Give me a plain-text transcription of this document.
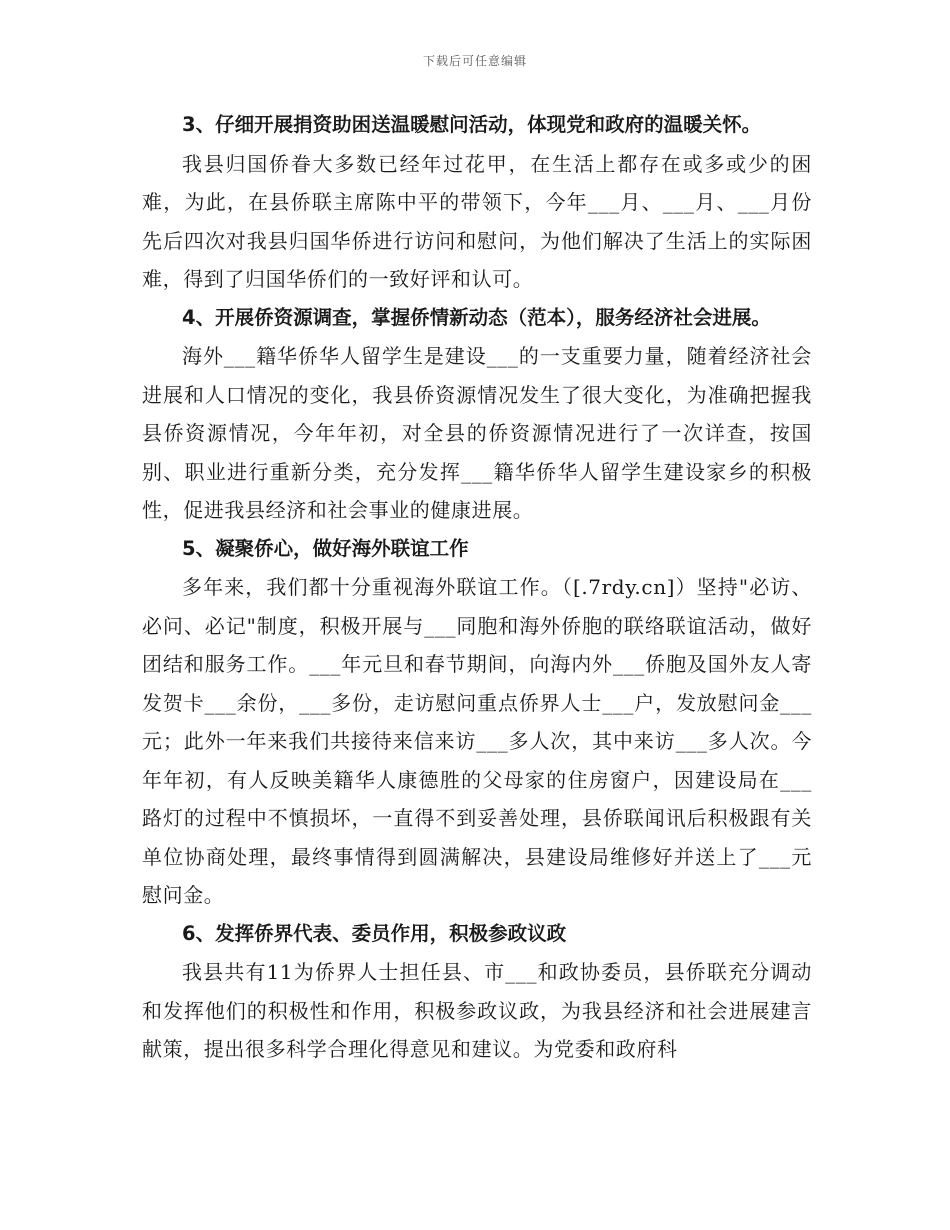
下载后可任意编辑

3、仔细开展捐资助困送温暖慰问活动，体现党和政府的温暖关怀。

我县归国侨眷大多数已经年过花甲，在生活上都存在或多或少的困难，为此，在县侨联主席陈中平的带领下，今年___月、___月、___月份先后四次对我县归国华侨进行访问和慰问，为他们解决了生活上的实际困难，得到了归国华侨们的一致好评和认可。

4、开展侨资源调查，掌握侨情新动态（范本），服务经济社会进展。

海外___籍华侨华人留学生是建设___的一支重要力量，随着经济社会进展和人口情况的变化，我县侨资源情况发生了很大变化，为准确把握我县侨资源情况，今年年初，对全县的侨资源情况进行了一次详查，按国别、职业进行重新分类，充分发挥___籍华侨华人留学生建设家乡的积极性，促进我县经济和社会事业的健康进展。

5、凝聚侨心，做好海外联谊工作

多年来，我们都十分重视海外联谊工作。（[.7rdy.cn]）坚持"必访、必问、必记"制度，积极开展与___同胞和海外侨胞的联络联谊活动，做好团结和服务工作。___年元旦和春节期间，向海内外___侨胞及国外友人寄发贺卡___余份，___多份，走访慰问重点侨界人士___户，发放慰问金___元；此外一年来我们共接待来信来访___多人次，其中来访___多人次。今年年初，有人反映美籍华人康德胜的父母家的住房窗户，因建设局在___路灯的过程中不慎损坏，一直得不到妥善处理，县侨联闻讯后积极跟有关单位协商处理，最终事情得到圆满解决，县建设局维修好并送上了___元慰问金。

6、发挥侨界代表、委员作用，积极参政议政

我县共有11为侨界人士担任县、市___和政协委员，县侨联充分调动和发挥他们的积极性和作用，积极参政议政，为我县经济和社会进展建言献策，提出很多科学合理化得意见和建议。为党委和政府科
